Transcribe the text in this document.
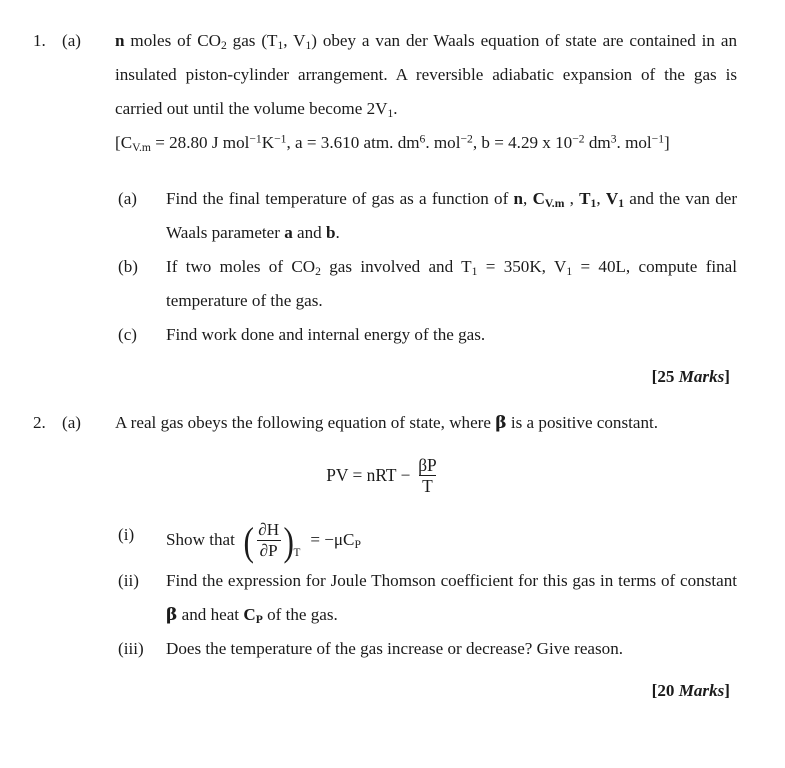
1. (a)	n moles of $CO_2$ gas ($T_1$, $V_1$) obey a van der Waals equation of state are contained in an insulated piston-cylinder arrangement. A reversible adiabatic expansion of the gas is carried out until the volume become $2V_1$.
[$C_{V.m} = 28.80$ J $mol^{-1}K^{-1}$, a = 3.610 atm. $dm^6$. mol$^{-2}$, b = 4.29 x $10^{-2}$ $dm^3$. mol$^{-1}$]
(a)	Find the final temperature of gas as a function of n, $C_{V.m}$ , $T_1$, $V_1$ and the van der Waals parameter a and b.
(b)	If two moles of $CO_2$ gas involved and $T_1 = 350K$, $V_1 = 40L$, compute final temperature of the gas.
(c)	Find work done and internal energy of the gas.
[25 Marks]
2. (a)	A real gas obeys the following equation of state, where β is a positive constant.
PV = nRT − $\frac{\beta P}{T}$
(i)	Show that ( $\frac{\partial H}{\partial P}$ ) T
= $-\mu C_P$
(ii)	Find the expression for Joule Thomson coefficient for this gas in terms of constant β and heat $C_P$ of the gas.
(iii)	Does the temperature of the gas increase or decrease? Give reason.
[20 Marks]
